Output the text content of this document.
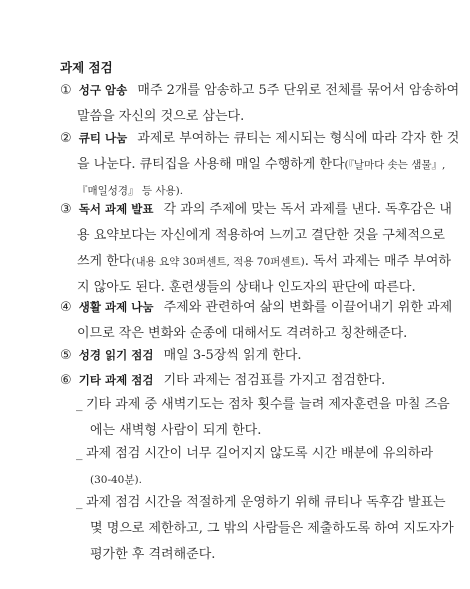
과제 점검
① 성구 암송 매주 2개를 암송하고 5주 단위로 전체를 묶어서 암송하여
말씀을 자신의 것으로 삼는다.
② 큐티 나눔 과제로 부여하는 큐티는 제시되는 형식에 따라 각자 한 것
을 나눈다. 큐티집을 사용해 매일 수행하게 한다(『날마다 솟는 샘물』,
『매일성경』 등 사용).
③ 독서 과제 발표 각 과의 주제에 맞는 독서 과제를 낸다. 독후감은 내
용 요약보다는 자신에게 적용하여 느끼고 결단한 것을 구체적으로
쓰게 한다(내용 요약 30퍼센트, 적용 70퍼센트). 독서 과제는 매주 부여하
지 않아도 된다. 훈련생들의 상태나 인도자의 판단에 따른다.
④ 생활 과제 나눔 주제와 관련하여 삶의 변화를 이끌어내기 위한 과제
이므로 작은 변화와 순종에 대해서도 격려하고 칭찬해준다.
⑤ 성경 읽기 점검 매일 3-5장씩 읽게 한다.
⑥ 기타 과제 점검 기타 과제는 점검표를 가지고 점검한다.
_ 기타 과제 중 새벽기도는 점차 횟수를 늘려 제자훈련을 마칠 즈음
에는 새벽형 사람이 되게 한다.
_ 과제 점검 시간이 너무 길어지지 않도록 시간 배분에 유의하라
(30-40분).
_ 과제 점검 시간을 적절하게 운영하기 위해 큐티나 독후감 발표는
몇 명으로 제한하고, 그 밖의 사람들은 제출하도록 하여 지도자가
평가한 후 격려해준다.
